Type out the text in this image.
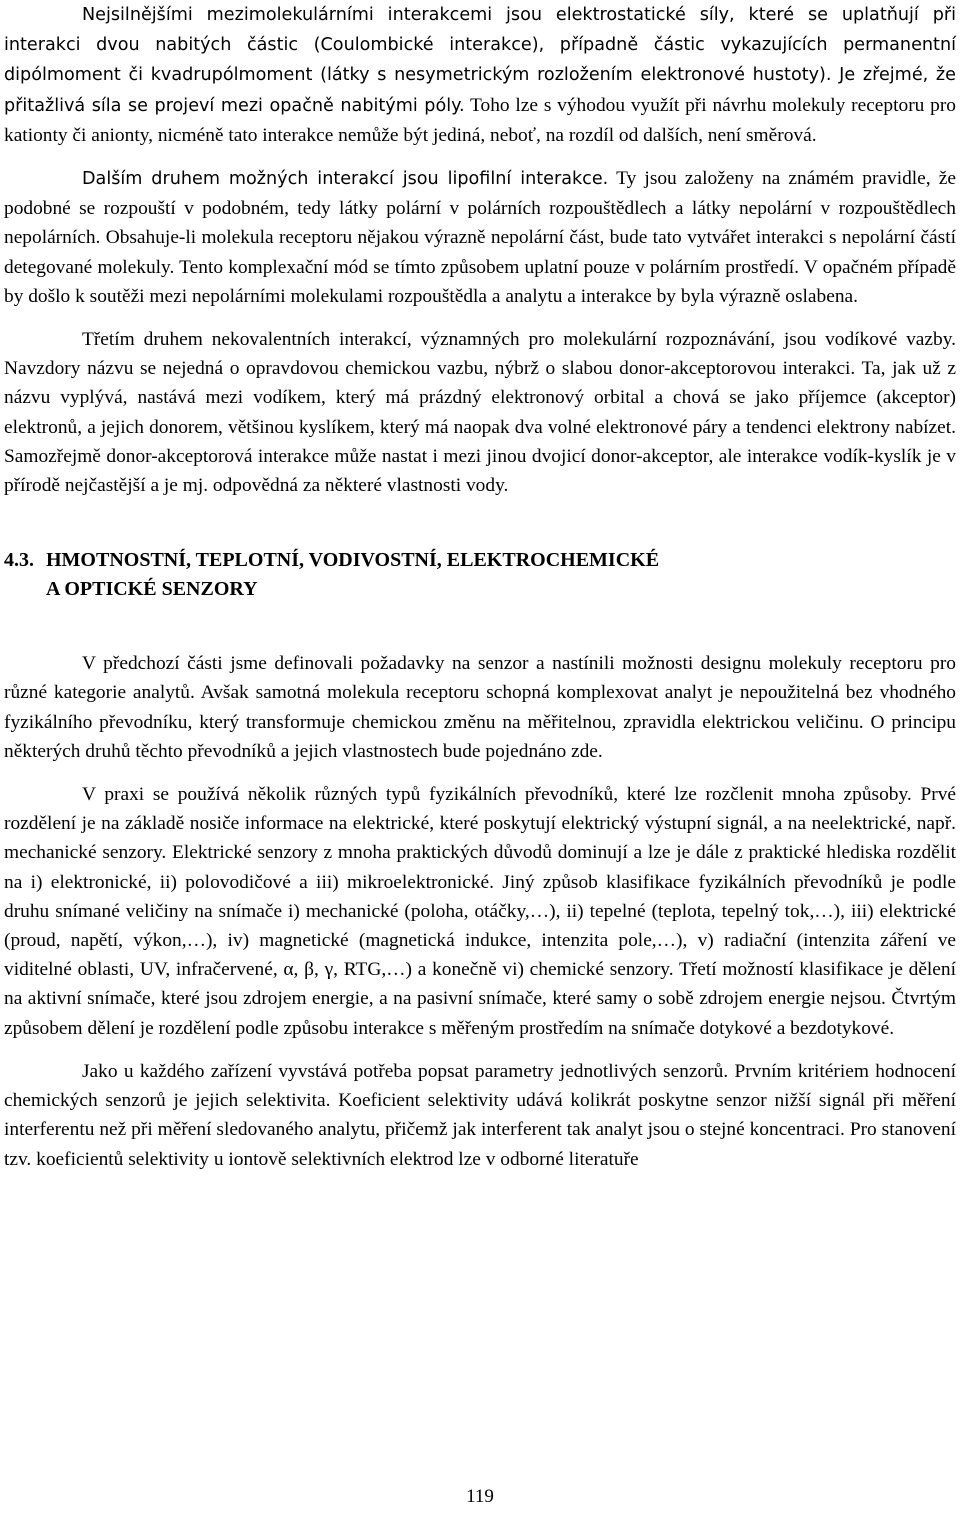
Nejsilnějšími mezimolekulárními interakcemi jsou elektrostatické síly, které se uplatňují při interakci dvou nabitých částic (Coulombické interakce), případně částic vykazujících permanentní dipólmoment či kvadrupólmoment (látky s nesymetrickým rozložením elektronové hustoty). Je zřejmé, že přitažlivá síla se projeví mezi opačně nabitými póly. Toho lze s výhodou využít při návrhu molekuly receptoru pro kationty či anionty, nicméně tato interakce nemůže být jediná, neboť, na rozdíl od dalších, není směrová.

Dalším druhem možných interakcí jsou lipofilní interakce. Ty jsou založeny na známém pravidle, že podobné se rozpouští v podobném, tedy látky polární v polárních rozpouštědlech a látky nepolární v rozpouštědlech nepolárních. Obsahuje-li molekula receptoru nějakou výrazně nepolární část, bude tato vytvářet interakci s nepolární částí detegované molekuly. Tento komplexační mód se tímto způsobem uplatní pouze v polárním prostředí. V opačném případě by došlo k soutěži mezi nepolárními molekulami rozpouštědla a analytu a interakce by byla výrazně oslabena.

Třetím druhem nekovalentních interakcí, významných pro molekulární rozpoznávání, jsou vodíkové vazby. Navzdory názvu se nejedná o opravdovou chemickou vazbu, nýbrž o slabou donor-akceptorovou interakci. Ta, jak už z názvu vyplývá, nastává mezi vodíkem, který má prázdný elektronový orbital a chová se jako příjemce (akceptor) elektronů, a jejich donorem, většinou kyslíkem, který má naopak dva volné elektronové páry a tendenci elektrony nabízet. Samozřejmě donor-akceptorová interakce může nastat i mezi jinou dvojicí donor-akceptor, ale interakce vodík-kyslík je v přírodě nejčastější a je mj. odpovědná za některé vlastnosti vody.

4.3. HMOTNOSTNÍ, TEPLOTNÍ, VODIVOSTNÍ, ELEKTROCHEMICKÉ
A OPTICKÉ SENZORY

V předchozí části jsme definovali požadavky na senzor a nastínili možnosti designu molekuly receptoru pro různé kategorie analytů. Avšak samotná molekula receptoru schopná komplexovat analyt je nepoužitelná bez vhodného fyzikálního převodníku, který transformuje chemickou změnu na měřitelnou, zpravidla elektrickou veličinu. O principu některých druhů těchto převodníků a jejich vlastnostech bude pojednáno zde.

V praxi se používá několik různých typů fyzikálních převodníků, které lze rozčlenit mnoha způsoby. Prvé rozdělení je na základě nosiče informace na elektrické, které poskytují elektrický výstupní signál, a na neelektrické, např. mechanické senzory. Elektrické senzory z mnoha praktických důvodů dominují a lze je dále z praktické hlediska rozdělit na i) elektronické, ii) polovodičové a iii) mikroelektronické. Jiný způsob klasifikace fyzikálních převodníků je podle druhu snímané veličiny na snímače i) mechanické (poloha, otáčky,…), ii) tepelné (teplota, tepelný tok,…), iii) elektrické (proud, napětí, výkon,…), iv) magnetické (magnetická indukce, intenzita pole,…), v) radiační (intenzita záření ve viditelné oblasti, UV, infračervené, α, β, γ, RTG,…) a konečně vi) chemické senzory. Třetí možností klasifikace je dělení na aktivní snímače, které jsou zdrojem energie, a na pasivní snímače, které samy o sobě zdrojem energie nejsou. Čtvrtým způsobem dělení je rozdělení podle způsobu interakce s měřeným prostředím na snímače dotykové a bezdotykové.

Jako u každého zařízení vyvstává potřeba popsat parametry jednotlivých senzorů. Prvním kritériem hodnocení chemických senzorů je jejich selektivita. Koeficient selektivity udává kolikrát poskytne senzor nižší signál při měření interferentu než při měření sledovaného analytu, přičemž jak interferent tak analyt jsou o stejné koncentraci. Pro stanovení tzv. koeficientů selektivity u iontově selektivních elektrod lze v odborné literatuře

119
